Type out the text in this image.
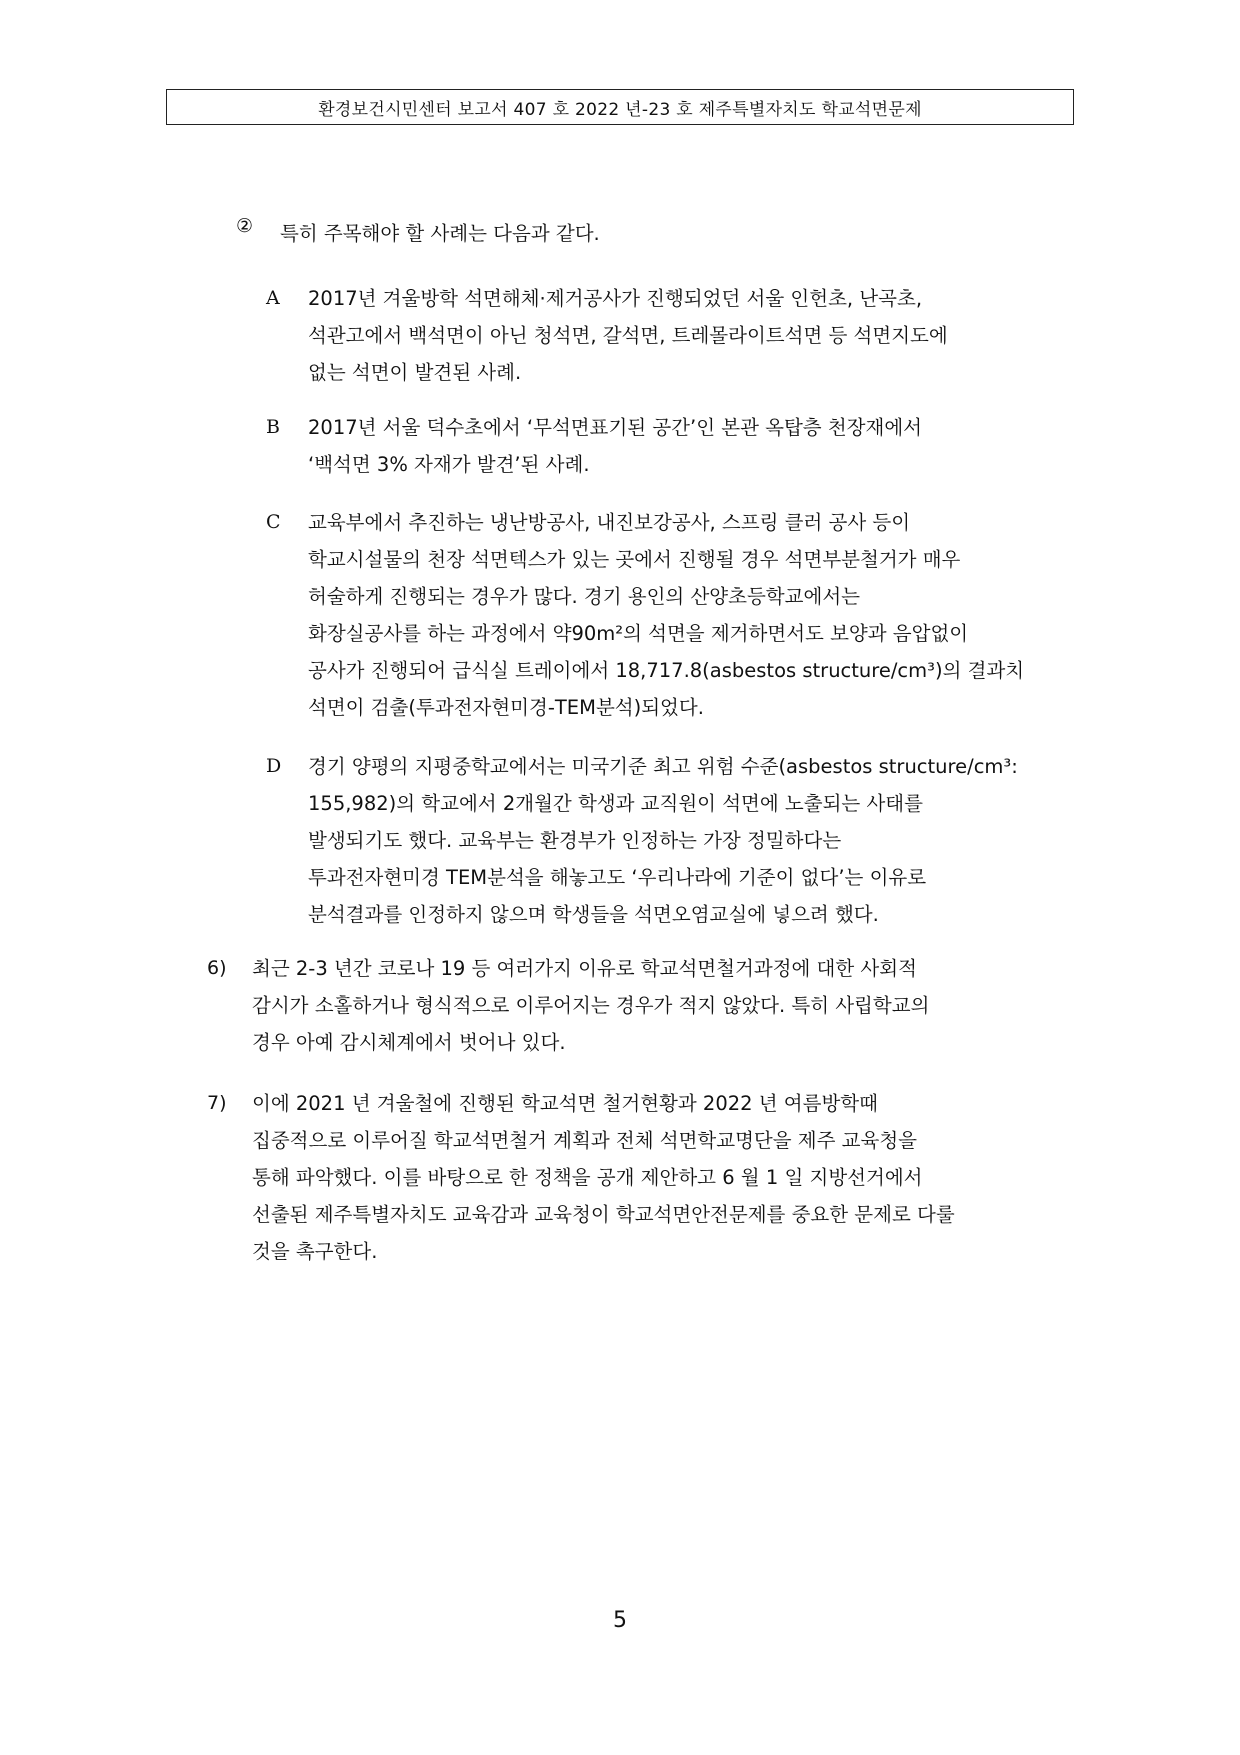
환경보건시민센터 보고서 407 호 2022 년-23 호 제주특별자치도 학교석면문제
② 특히 주목해야 할 사례는 다음과 같다.
A 2017년 겨울방학 석면해체·제거공사가 진행되었던 서울 인헌초, 난곡초,
석관고에서 백석면이 아닌 청석면, 갈석면, 트레몰라이트석면 등 석면지도에
없는 석면이 발견된 사례.
B 2017년 서울 덕수초에서 ‘무석면표기된 공간’인 본관 옥탑층 천장재에서
‘백석면 3% 자재가 발견’된 사례.
C 교육부에서 추진하는 냉난방공사, 내진보강공사, 스프링 클러 공사 등이
학교시설물의 천장 석면텍스가 있는 곳에서 진행될 경우 석면부분철거가 매우
허술하게 진행되는 경우가 많다. 경기 용인의 산양초등학교에서는
화장실공사를 하는 과정에서 약90m²의 석면을 제거하면서도 보양과 음압없이
공사가 진행되어 급식실 트레이에서 18,717.8(asbestos structure/cm³)의 결과치
석면이 검출(투과전자현미경-TEM분석)되었다.
D 경기 양평의 지평중학교에서는 미국기준 최고 위험 수준(asbestos structure/cm³:
155,982)의 학교에서 2개월간 학생과 교직원이 석면에 노출되는 사태를
발생되기도 했다. 교육부는 환경부가 인정하는 가장 정밀하다는
투과전자현미경 TEM분석을 해놓고도 ‘우리나라에 기준이 없다’는 이유로
분석결과를 인정하지 않으며 학생들을 석면오염교실에 넣으려 했다.
6) 최근 2-3 년간 코로나 19 등 여러가지 이유로 학교석면철거과정에 대한 사회적
감시가 소홀하거나 형식적으로 이루어지는 경우가 적지 않았다. 특히 사립학교의
경우 아예 감시체계에서 벗어나 있다.
7) 이에 2021 년 겨울철에 진행된 학교석면 철거현황과 2022 년 여름방학때
집중적으로 이루어질 학교석면철거 계획과 전체 석면학교명단을 제주 교육청을
통해 파악했다. 이를 바탕으로 한 정책을 공개 제안하고 6 월 1 일 지방선거에서
선출된 제주특별자치도 교육감과 교육청이 학교석면안전문제를 중요한 문제로 다룰
것을 촉구한다.
5
